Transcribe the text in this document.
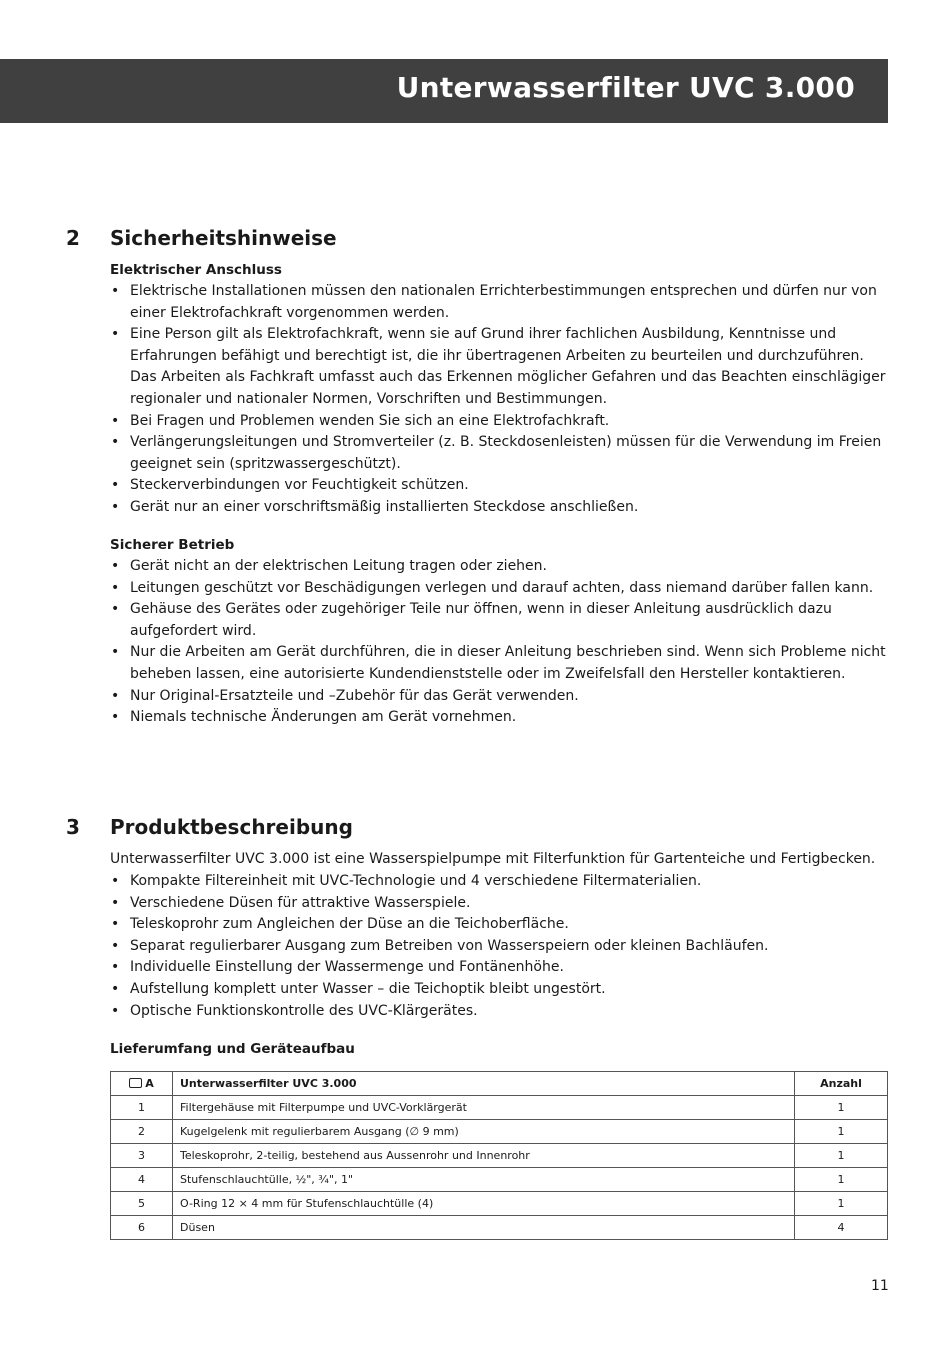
Unterwasserfilter UVC 3.000
2 Sicherheitshinweise
Elektrischer Anschluss
• Elektrische Installationen müssen den nationalen Errichterbestimmungen entsprechen und dürfen nur von einer Elektrofachkraft vorgenommen werden.
• Eine Person gilt als Elektrofachkraft, wenn sie auf Grund ihrer fachlichen Ausbildung, Kenntnisse und Erfahrungen befähigt und berechtigt ist, die ihr übertragenen Arbeiten zu beurteilen und durchzuführen. Das Arbeiten als Fachkraft umfasst auch das Erkennen möglicher Gefahren und das Beachten einschlägiger regionaler und nationaler Normen, Vorschriften und Bestimmungen.
• Bei Fragen und Problemen wenden Sie sich an eine Elektrofachkraft.
• Verlängerungsleitungen und Stromverteiler (z. B. Steckdosenleisten) müssen für die Verwendung im Freien geeignet sein (spritzwassergeschützt).
• Steckerverbindungen vor Feuchtigkeit schützen.
• Gerät nur an einer vorschriftsmäßig installierten Steckdose anschließen.
Sicherer Betrieb
• Gerät nicht an der elektrischen Leitung tragen oder ziehen.
• Leitungen geschützt vor Beschädigungen verlegen und darauf achten, dass niemand darüber fallen kann.
• Gehäuse des Gerätes oder zugehöriger Teile nur öffnen, wenn in dieser Anleitung ausdrücklich dazu aufgefordert wird.
• Nur die Arbeiten am Gerät durchführen, die in dieser Anleitung beschrieben sind. Wenn sich Probleme nicht beheben lassen, eine autorisierte Kundendienststelle oder im Zweifelsfall den Hersteller kontaktieren.
• Nur Original-Ersatzteile und –Zubehör für das Gerät verwenden.
• Niemals technische Änderungen am Gerät vornehmen.
3 Produktbeschreibung
Unterwasserfilter UVC 3.000 ist eine Wasserspielpumpe mit Filterfunktion für Gartenteiche und Fertigbecken.
• Kompakte Filtereinheit mit UVC-Technologie und 4 verschiedene Filtermaterialien.
• Verschiedene Düsen für attraktive Wasserspiele.
• Teleskoprohr zum Angleichen der Düse an die Teichoberfläche.
• Separat regulierbarer Ausgang zum Betreiben von Wasserspeiern oder kleinen Bachläufen.
• Individuelle Einstellung der Wassermenge und Fontänenhöhe.
• Aufstellung komplett unter Wasser – die Teichoptik bleibt ungestört.
• Optische Funktionskontrolle des UVC-Klärgerätes.
Lieferumfang und Geräteaufbau
A	Unterwasserfilter UVC 3.000	Anzahl
1	Filtergehäuse mit Filterpumpe und UVC-Vorklärgerät	1
2	Kugelgelenk mit regulierbarem Ausgang (∅ 9 mm)	1
3	Teleskoprohr, 2-teilig, bestehend aus Aussenrohr und Innenrohr	1
4	Stufenschlauchtülle, ½", ¾", 1"	1
5	O-Ring 12 × 4 mm für Stufenschlauchtülle (4)	1
6	Düsen	4
11
